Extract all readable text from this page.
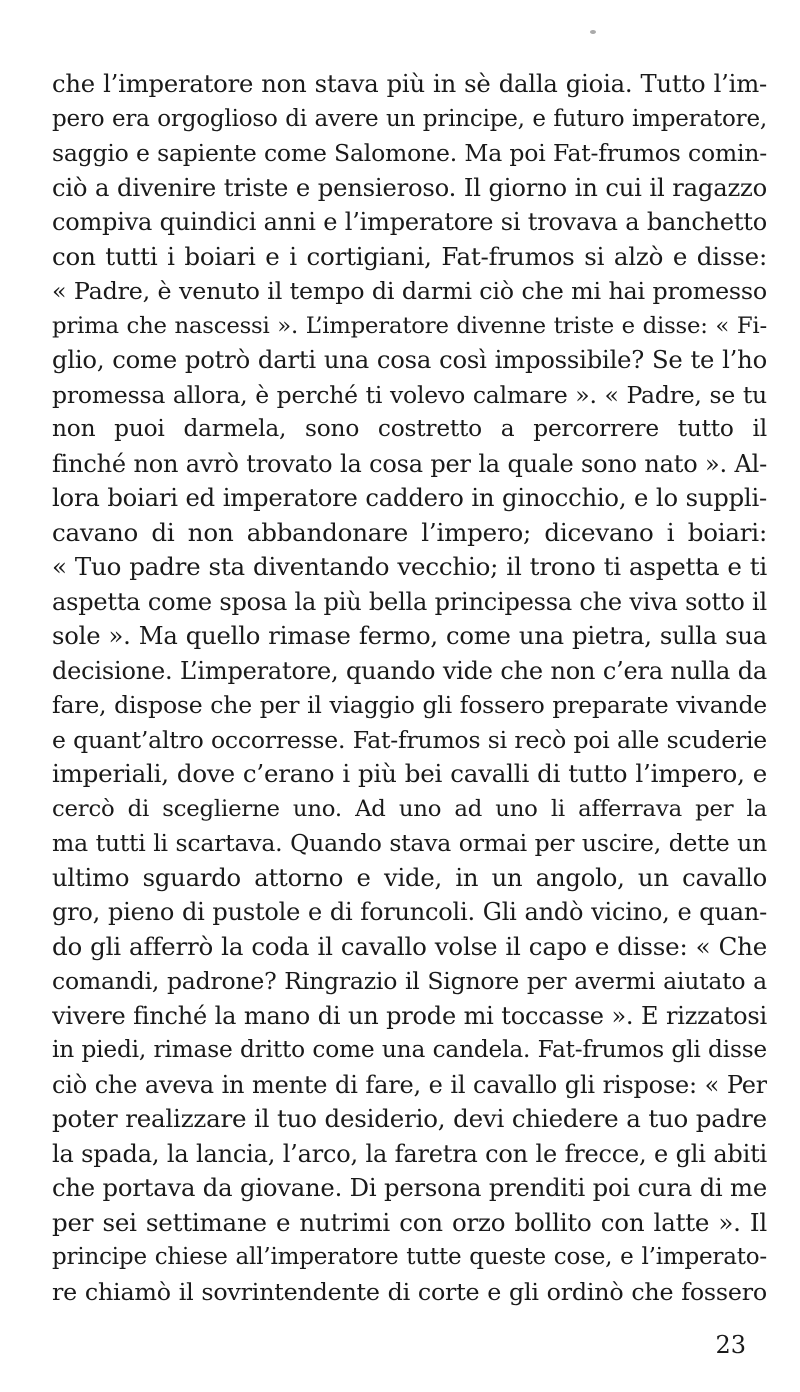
che l’imperatore non stava più in sè dalla gioia. Tutto l’im-
pero era orgoglioso di avere un principe, e futuro imperatore,
saggio e sapiente come Salomone. Ma poi Fat-frumos comin-
ciò a divenire triste e pensieroso. Il giorno in cui il ragazzo
compiva quindici anni e l’imperatore si trovava a banchetto
con tutti i boiari e i cortigiani, Fat-frumos si alzò e disse:
« Padre, è venuto il tempo di darmi ciò che mi hai promesso
prima che nascessi ». L’imperatore divenne triste e disse: « Fi-
glio, come potrò darti una cosa così impossibile? Se te l’ho
promessa allora, è perché ti volevo calmare ». « Padre, se tu
non puoi darmela, sono costretto a percorrere tutto il
finché non avrò trovato la cosa per la quale sono nato ». Al-
lora boiari ed imperatore caddero in ginocchio, e lo suppli-
cavano di non abbandonare l’impero; dicevano i boiari:
« Tuo padre sta diventando vecchio; il trono ti aspetta e ti
aspetta come sposa la più bella principessa che viva sotto il
sole ». Ma quello rimase fermo, come una pietra, sulla sua
decisione. L’imperatore, quando vide che non c’era nulla da
fare, dispose che per il viaggio gli fossero preparate vivande
e quant’altro occorresse. Fat-frumos si recò poi alle scuderie
imperiali, dove c’erano i più bei cavalli di tutto l’impero, e
cercò di sceglierne uno. Ad uno ad uno li afferrava per la
ma tutti li scartava. Quando stava ormai per uscire, dette un
ultimo sguardo attorno e vide, in un angolo, un cavallo
gro, pieno di pustole e di foruncoli. Gli andò vicino, e quan-
do gli afferrò la coda il cavallo volse il capo e disse: « Che
comandi, padrone? Ringrazio il Signore per avermi aiutato a
vivere finché la mano di un prode mi toccasse ». E rizzatosi
in piedi, rimase dritto come una candela. Fat-frumos gli disse
ciò che aveva in mente di fare, e il cavallo gli rispose: « Per
poter realizzare il tuo desiderio, devi chiedere a tuo padre
la spada, la lancia, l’arco, la faretra con le frecce, e gli abiti
che portava da giovane. Di persona prenditi poi cura di me
per sei settimane e nutrimi con orzo bollito con latte ». Il
principe chiese all’imperatore tutte queste cose, e l’imperato-
re chiamò il sovrintendente di corte e gli ordinò che fossero
23
